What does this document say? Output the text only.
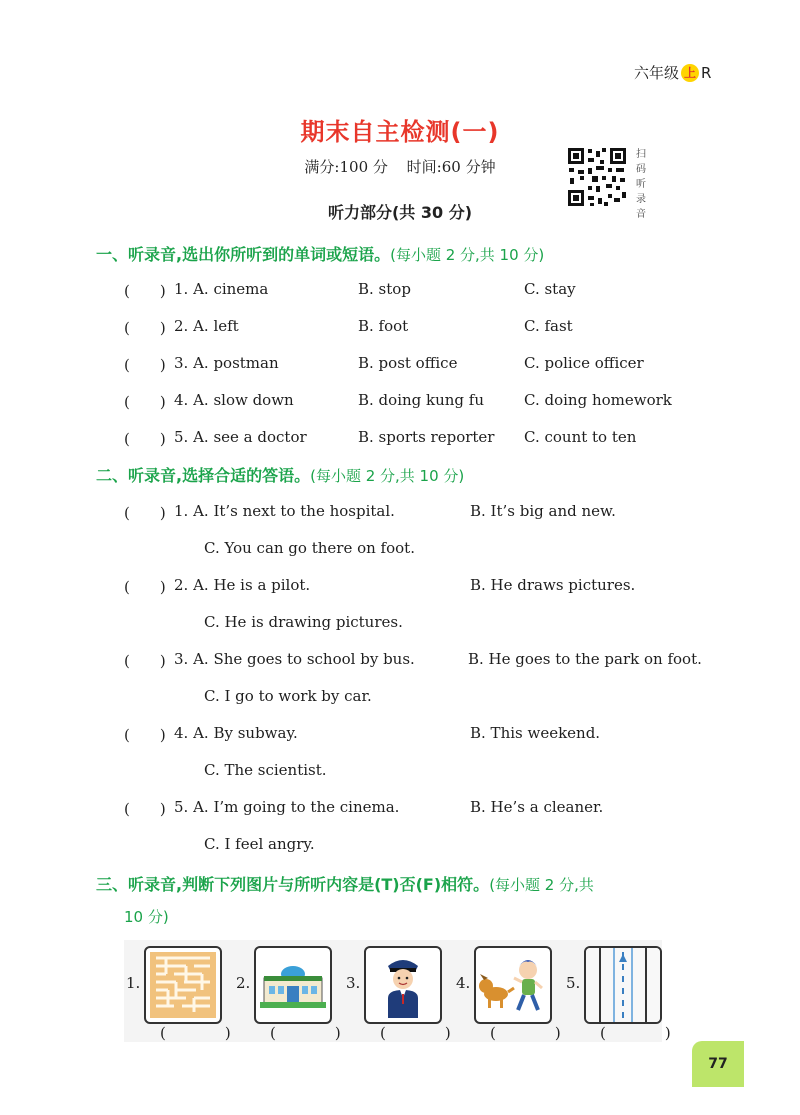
六年级 上 R
期末自主检测(一)
满分:100 分 时间:60 分钟
扫
码
听
录
音
听力部分(共 30 分)
一、听录音,选出你所听到的单词或短语。(每小题 2 分,共 10 分)
(　　) 1. A. cinema	B. stop	C. stay
(　　) 2. A. left	B. foot	C. fast
(　　) 3. A. postman	B. post office	C. police officer
(　　) 4. A. slow down	B. doing kung fu	C. doing homework
(　　) 5. A. see a doctor	B. sports reporter C. count to ten
二、听录音,选择合适的答语。(每小题 2 分,共 10 分)
(　　) 1. A. It’s next to the hospital.	B. It’s big and new.
C. You can go there on foot.
(　　) 2. A. He is a pilot.	B. He draws pictures.
C. He is drawing pictures.
(　　) 3. A. She goes to school by bus.	B. He goes to the park on foot.
C. I go to work by car.
(　　) 4. A. By subway.	B. This weekend.
C. The scientist.
(　　) 5. A. I’m going to the cinema.	B. He’s a cleaner.
C. I feel angry.
三、听录音,判断下列图片与所听内容是(T)否(F)相符。(每小题 2 分,共
10 分)
1.
(　)
2.
(　)
3.
(　)
4.
(　)
5.
(　)
77
